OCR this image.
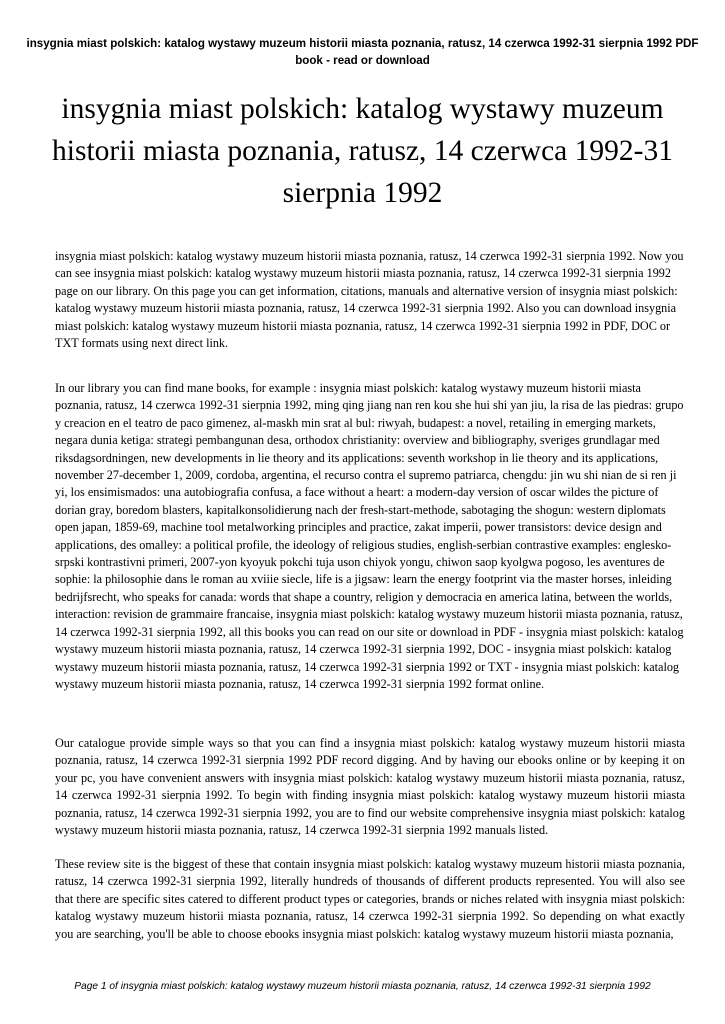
insygnia miast polskich: katalog wystawy muzeum historii miasta poznania, ratusz, 14 czerwca 1992-31 sierpnia 1992 PDF book - read or download
insygnia miast polskich: katalog wystawy muzeum historii miasta poznania, ratusz, 14 czerwca 1992-31 sierpnia 1992

insygnia miast polskich: katalog wystawy muzeum historii miasta poznania, ratusz, 14 czerwca 1992-31 sierpnia 1992. Now you can see insygnia miast polskich: katalog wystawy muzeum historii miasta poznania, ratusz, 14 czerwca 1992-31 sierpnia 1992 page on our library. On this page you can get information, citations, manuals and alternative version of insygnia miast polskich: katalog wystawy muzeum historii miasta poznania, ratusz, 14 czerwca 1992-31 sierpnia 1992. Also you can download insygnia miast polskich: katalog wystawy muzeum historii miasta poznania, ratusz, 14 czerwca 1992-31 sierpnia 1992 in PDF, DOC or TXT formats using next direct link.

In our library you can find mane books, for example : insygnia miast polskich: katalog wystawy muzeum historii miasta poznania, ratusz, 14 czerwca 1992-31 sierpnia 1992, ming qing jiang nan ren kou she hui shi yan jiu, la risa de las piedras: grupo y creacion en el teatro de paco gimenez, al-maskh min srat al bul: riwyah, budapest: a novel, retailing in emerging markets, negara dunia ketiga: strategi pembangunan desa, orthodox christianity: overview and bibliography, sveriges grundlagar med riksdagsordningen, new developments in lie theory and its applications: seventh workshop in lie theory and its applications, november 27-december 1, 2009, cordoba, argentina, el recurso contra el supremo patriarca, chengdu: jin wu shi nian de si ren ji yi, los ensimismados: una autobiografia confusa, a face without a heart: a modern-day version of oscar wildes the picture of dorian gray, boredom blasters, kapitalkonsolidierung nach der fresh-start-methode, sabotaging the shogun: western diplomats open japan, 1859-69, machine tool metalworking principles and practice, zakat imperii, power transistors: device design and applications, des omalley: a political profile, the ideology of religious studies, english-serbian contrastive examples: englesko-srpski kontrastivni primeri, 2007-yon kyoyuk pokchi tuja uson chiyok yongu, chiwon saop kyolgwa pogoso, les aventures de sophie: la philosophie dans le roman au xviiie siecle, life is a jigsaw: learn the energy footprint via the master horses, inleiding bedrijfsrecht, who speaks for canada: words that shape a country, religion y democracia en america latina, between the worlds, interaction: revision de grammaire francaise, insygnia miast polskich: katalog wystawy muzeum historii miasta poznania, ratusz, 14 czerwca 1992-31 sierpnia 1992, all this books you can read on our site or download in PDF - insygnia miast polskich: katalog wystawy muzeum historii miasta poznania, ratusz, 14 czerwca 1992-31 sierpnia 1992, DOC - insygnia miast polskich: katalog wystawy muzeum historii miasta poznania, ratusz, 14 czerwca 1992-31 sierpnia 1992 or TXT - insygnia miast polskich: katalog wystawy muzeum historii miasta poznania, ratusz, 14 czerwca 1992-31 sierpnia 1992 format online.

Our catalogue provide simple ways so that you can find a insygnia miast polskich: katalog wystawy muzeum historii miasta poznania, ratusz, 14 czerwca 1992-31 sierpnia 1992 PDF record digging. And by having our ebooks online or by keeping it on your pc, you have convenient answers with insygnia miast polskich: katalog wystawy muzeum historii miasta poznania, ratusz, 14 czerwca 1992-31 sierpnia 1992. To begin with finding insygnia miast polskich: katalog wystawy muzeum historii miasta poznania, ratusz, 14 czerwca 1992-31 sierpnia 1992, you are to find our website comprehensive insygnia miast polskich: katalog wystawy muzeum historii miasta poznania, ratusz, 14 czerwca 1992-31 sierpnia 1992 manuals listed.

These review site is the biggest of these that contain insygnia miast polskich: katalog wystawy muzeum historii miasta poznania, ratusz, 14 czerwca 1992-31 sierpnia 1992, literally hundreds of thousands of different products represented. You will also see that there are specific sites catered to different product types or categories, brands or niches related with insygnia miast polskich: katalog wystawy muzeum historii miasta poznania, ratusz, 14 czerwca 1992-31 sierpnia 1992. So depending on what exactly you are searching, you'll be able to choose ebooks insygnia miast polskich: katalog wystawy muzeum historii miasta poznania,

Page 1 of insygnia miast polskich: katalog wystawy muzeum historii miasta poznania, ratusz, 14 czerwca 1992-31 sierpnia 1992
